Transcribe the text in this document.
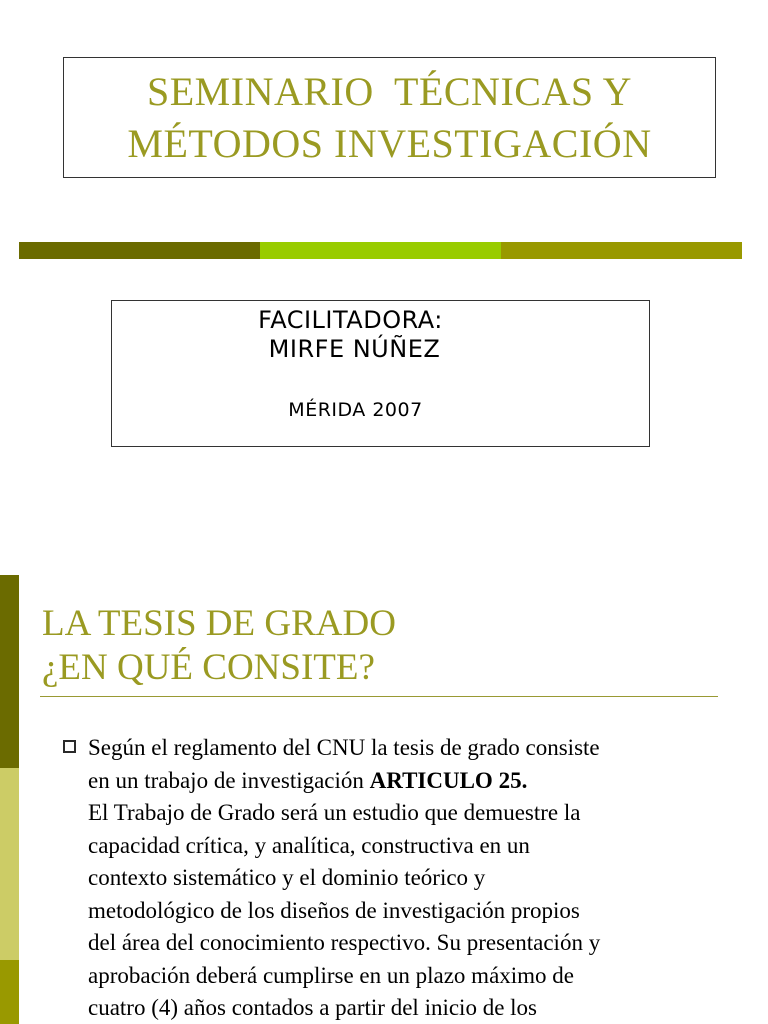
SEMINARIO  TÉCNICAS Y
MÉTODOS INVESTIGACIÓN
FACILITADORA:
MIRFE NÚÑEZ
MÉRIDA 2007
LA TESIS DE GRADO
¿EN QUÉ CONSITE?
Según el reglamento del CNU la tesis de grado consiste
en un trabajo de investigación ARTICULO 25.
El Trabajo de Grado será un estudio que demuestre la
capacidad crítica, y analítica, constructiva en un
contexto sistemático y el dominio teórico y
metodológico de los diseños de investigación propios
del área del conocimiento respectivo. Su presentación y
aprobación deberá cumplirse en un plazo máximo de
cuatro (4) años contados a partir del inicio de los
